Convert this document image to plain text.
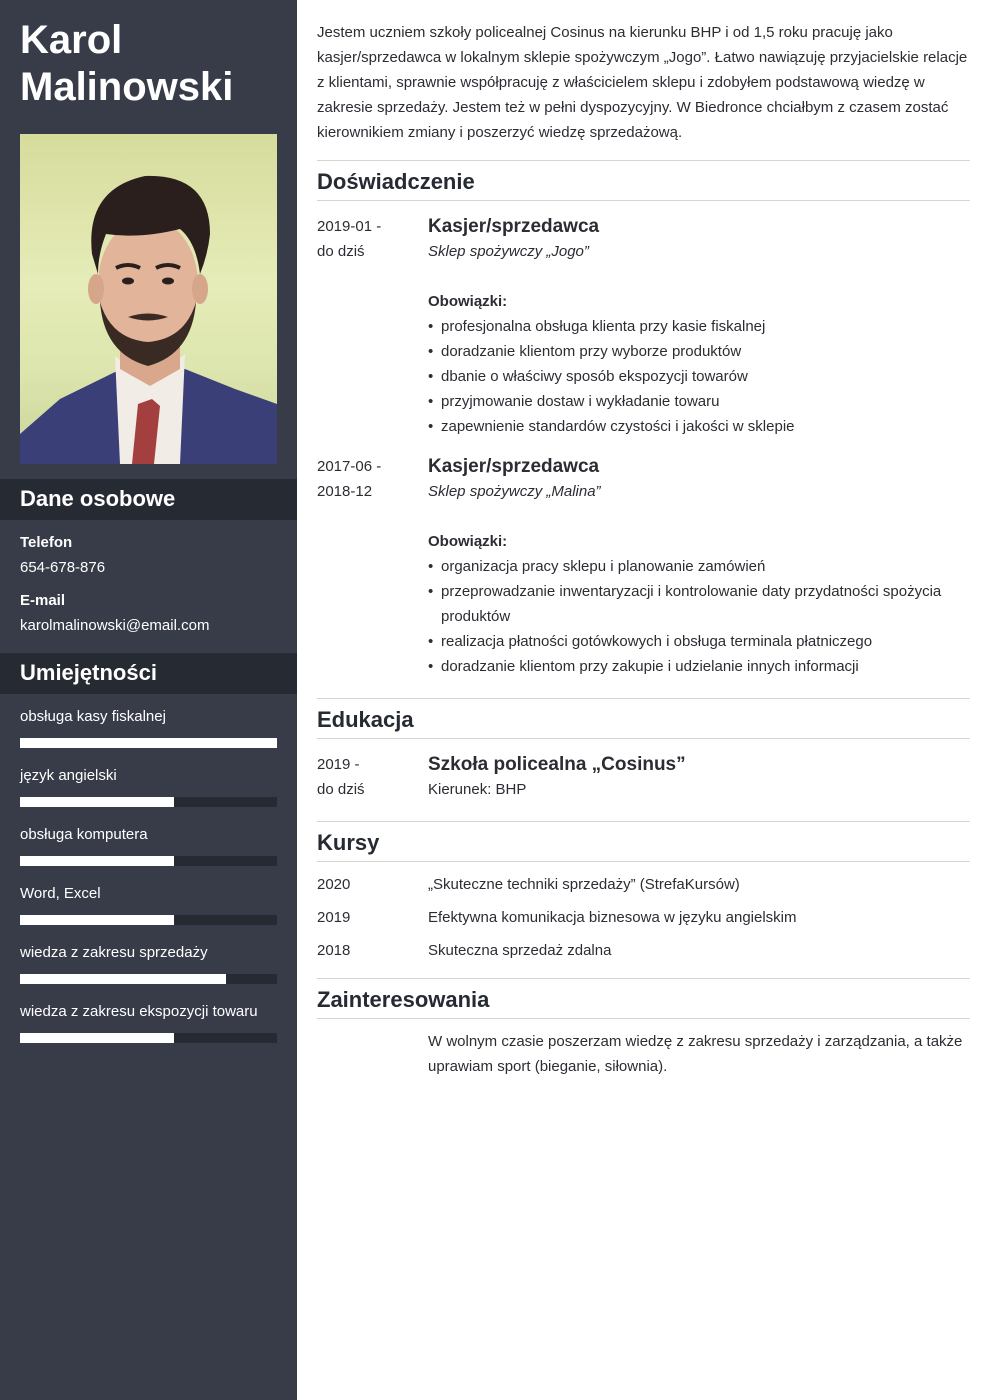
Karol
Malinowski
Dane osobowe
Telefon
654-678-876
E-mail
karolmalinowski@email.com
Umiejętności
obsługa kasy fiskalnej
język angielski
obsługa komputera
Word, Excel
wiedza z zakresu sprzedaży
wiedza z zakresu ekspozycji towaru

Jestem uczniem szkoły policealnej Cosinus na kierunku BHP i od 1,5 roku pracuję jako kasjer/sprzedawca w lokalnym sklepie spożywczym „Jogo”. Łatwo nawiązuję przyjacielskie relacje z klientami, sprawnie współpracuję z właścicielem sklepu i zdobyłem podstawową wiedzę w zakresie sprzedaży. Jestem też w pełni dyspozycyjny. W Biedronce chciałbym z czasem zostać kierownikiem zmiany i poszerzyć wiedzę sprzedażową.

Doświadczenie
2019-01 -
do dziś
Kasjer/sprzedawca
Sklep spożywczy „Jogo”
Obowiązki:
• profesjonalna obsługa klienta przy kasie fiskalnej
• doradzanie klientom przy wyborze produktów
• dbanie o właściwy sposób ekspozycji towarów
• przyjmowanie dostaw i wykładanie towaru
• zapewnienie standardów czystości i jakości w sklepie
2017-06 -
2018-12
Kasjer/sprzedawca
Sklep spożywczy „Malina”
Obowiązki:
• organizacja pracy sklepu i planowanie zamówień
• przeprowadzanie inwentaryzacji i kontrolowanie daty przydatności spożycia produktów
• realizacja płatności gotówkowych i obsługa terminala płatniczego
• doradzanie klientom przy zakupie i udzielanie innych informacji
Edukacja
2019 -
do dziś
Szkoła policealna „Cosinus”
Kierunek: BHP
Kursy
2020	„Skuteczne techniki sprzedaży” (StrefaKursów)
2019	Efektywna komunikacja biznesowa w języku angielskim
2018	Skuteczna sprzedaż zdalna
Zainteresowania
W wolnym czasie poszerzam wiedzę z zakresu sprzedaży i zarządzania, a także uprawiam sport (bieganie, siłownia).
